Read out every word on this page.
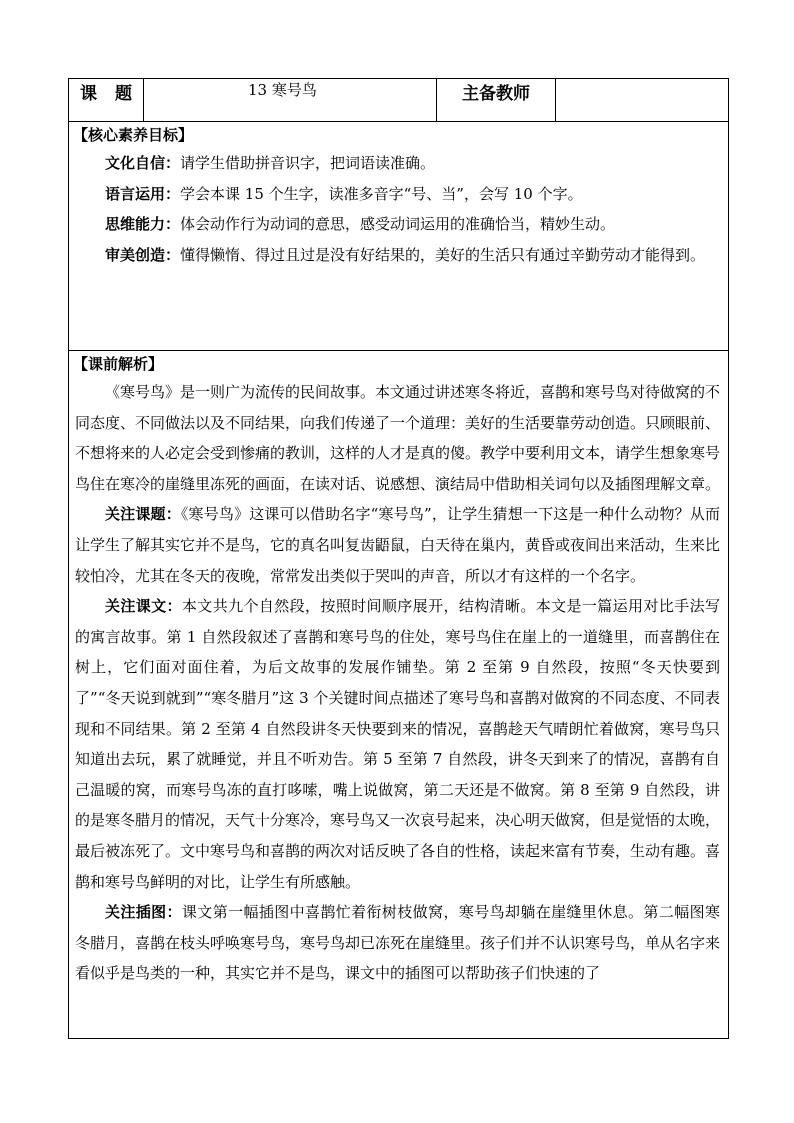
课 题	13 寒号鸟	主备教师	

【核心素养目标】

文化自信：请学生借助拼音识字，把词语读准确。

语言运用：学会本课 15 个生字，读准多音字“号、当”，会写 10 个字。

思维能力：体会动作行为动词的意思，感受动词运用的准确恰当，精妙生动。

审美创造：懂得懒惰、得过且过是没有好结果的，美好的生活只有通过辛勤劳动才能得到。

【课前解析】

《寒号鸟》是一则广为流传的民间故事。本文通过讲述寒冬将近，喜鹊和寒号鸟对待做窝的不同态度、不同做法以及不同结果，向我们传递了一个道理：美好的生活要靠劳动创造。只顾眼前、不想将来的人必定会受到惨痛的教训，这样的人才是真的傻。教学中要利用文本，请学生想象寒号鸟住在寒冷的崖缝里冻死的画面，在读对话、说感想、演结局中借助相关词句以及插图理解文章。

关注课题：《寒号鸟》这课可以借助名字“寒号鸟”，让学生猜想一下这是一种什么动物？从而让学生了解其实它并不是鸟，它的真名叫复齿鼯鼠，白天待在巢内，黄昏或夜间出来活动，生来比较怕冷，尤其在冬天的夜晚，常常发出类似于哭叫的声音，所以才有这样的一个名字。

关注课文：本文共九个自然段，按照时间顺序展开，结构清晰。本文是一篇运用对比手法写的寓言故事。第 1 自然段叙述了喜鹊和寒号鸟的住处，寒号鸟住在崖上的一道缝里，而喜鹊住在树上，它们面对面住着，为后文故事的发展作铺垫。第 2 至第 9 自然段，按照“冬天快要到了”“冬天说到就到”“寒冬腊月”这 3 个关键时间点描述了寒号鸟和喜鹊对做窝的不同态度、不同表现和不同结果。第 2 至第 4 自然段讲冬天快要到来的情况，喜鹊趁天气晴朗忙着做窝，寒号鸟只知道出去玩，累了就睡觉，并且不听劝告。第 5 至第 7 自然段，讲冬天到来了的情况，喜鹊有自己温暖的窝，而寒号鸟冻的直打哆嗦，嘴上说做窝，第二天还是不做窝。第 8 至第 9 自然段，讲的是寒冬腊月的情况，天气十分寒冷，寒号鸟又一次哀号起来，决心明天做窝，但是觉悟的太晚，最后被冻死了。文中寒号鸟和喜鹊的两次对话反映了各自的性格，读起来富有节奏，生动有趣。喜鹊和寒号鸟鲜明的对比，让学生有所感触。

关注插图：课文第一幅插图中喜鹊忙着衔树枝做窝，寒号鸟却躺在崖缝里休息。第二幅图寒冬腊月，喜鹊在枝头呼唤寒号鸟，寒号鸟却已冻死在崖缝里。孩子们并不认识寒号鸟，单从名字来看似乎是鸟类的一种，其实它并不是鸟，课文中的插图可以帮助孩子们快速的了
